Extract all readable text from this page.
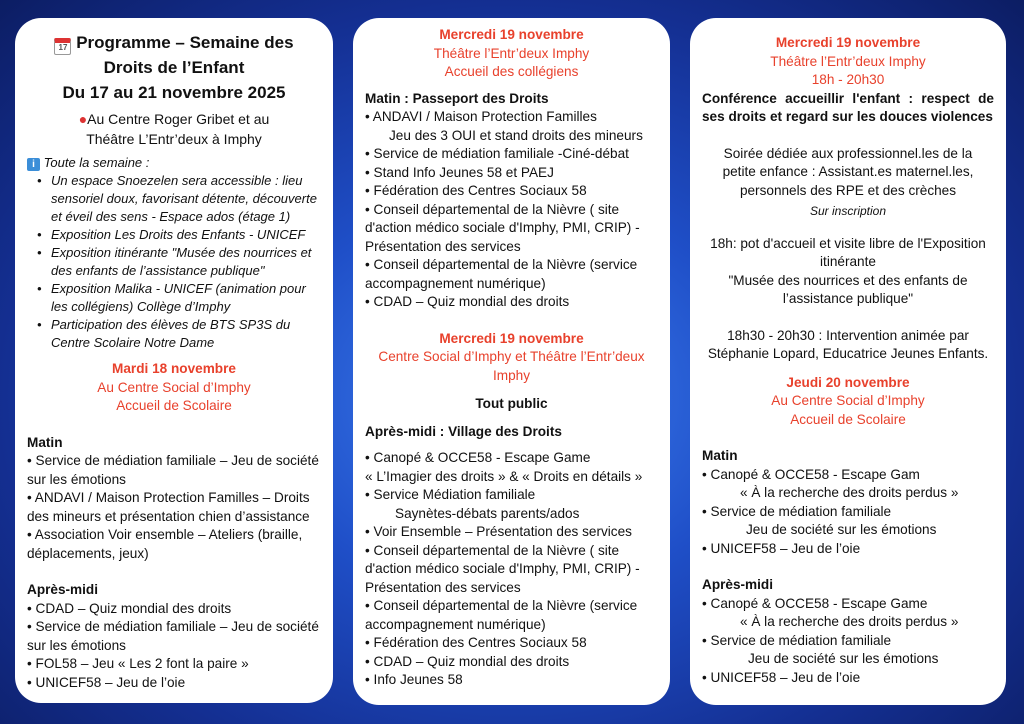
17 Programme – Semaine des
Droits de l’Enfant
Du 17 au 21 novembre 2025
●Au Centre Roger Gribet et au
Théâtre L’Entr’deux à Imphy
i Toute la semaine :
• Un espace Snoezelen sera accessible : lieu sensoriel doux, favorisant détente, découverte et éveil des sens - Espace ados (étage 1)
• Exposition Les Droits des Enfants - UNICEF
• Exposition itinérante "Musée des nourrices et des enfants de l’assistance publique"
• Exposition Malika - UNICEF (animation pour les collégiens) Collège d’Imphy
• Participation des élèves de BTS SP3S du Centre Scolaire Notre Dame
Mardi 18 novembre
Au Centre Social d’Imphy
Accueil de Scolaire
Matin
• Service de médiation familiale – Jeu de société sur les émotions
• ANDAVI / Maison Protection Familles – Droits des mineurs et présentation chien d’assistance
• Association Voir ensemble – Ateliers (braille, déplacements, jeux)
Après-midi
• CDAD – Quiz mondial des droits
• Service de médiation familiale – Jeu de société sur les émotions
• FOL58 – Jeu « Les 2 font la paire »
• UNICEF58 – Jeu de l’oie
Mercredi 19 novembre
Théâtre l’Entr’deux Imphy
Accueil des collégiens
Matin : Passeport des Droits
• ANDAVI / Maison Protection Familles
Jeu des 3 OUI et stand droits des mineurs
• Service de médiation familiale -Ciné-débat
• Stand Info Jeunes 58 et PAEJ
• Fédération des Centres Sociaux 58
• Conseil départemental de la Nièvre ( site d'action médico sociale d'Imphy, PMI, CRIP) - Présentation des services
• Conseil départemental de la Nièvre (service accompagnement numérique)
• CDAD – Quiz mondial des droits
Mercredi 19 novembre
Centre Social d’Imphy et Théâtre l’Entr’deux Imphy
Tout public
Après-midi : Village des Droits
• Canopé & OCCE58 - Escape Game
« L’Imagier des droits » & « Droits en détails »
• Service Médiation familiale
Saynètes-débats parents/ados
• Voir Ensemble – Présentation des services
• Conseil départemental de la Nièvre ( site d'action médico sociale d'Imphy, PMI, CRIP) - Présentation des services
• Conseil départemental de la Nièvre (service accompagnement numérique)
• Fédération des Centres Sociaux 58
• CDAD – Quiz mondial des droits
• Info Jeunes 58
Mercredi 19 novembre
Théâtre l’Entr’deux Imphy
18h - 20h30
Conférence accueillir l'enfant : respect de ses droits et regard sur les douces violences
Soirée dédiée aux professionnel.les de la petite enfance : Assistant.es maternel.les, personnels des RPE et des crèches
Sur inscription
18h: pot d'accueil et visite libre de l'Exposition itinérante
"Musée des nourrices et des enfants de l’assistance publique"
18h30 - 20h30 : Intervention animée par Stéphanie Lopard, Educatrice Jeunes Enfants.
Jeudi 20 novembre
Au Centre Social d’Imphy
Accueil de Scolaire
Matin
• Canopé & OCCE58 - Escape Gam
« À la recherche des droits perdus »
• Service de médiation familiale
Jeu de société sur les émotions
• UNICEF58 – Jeu de l’oie
Après-midi
• Canopé & OCCE58 - Escape Game
« À la recherche des droits perdus »
• Service de médiation familiale
Jeu de société sur les émotions
• UNICEF58 – Jeu de l’oie
